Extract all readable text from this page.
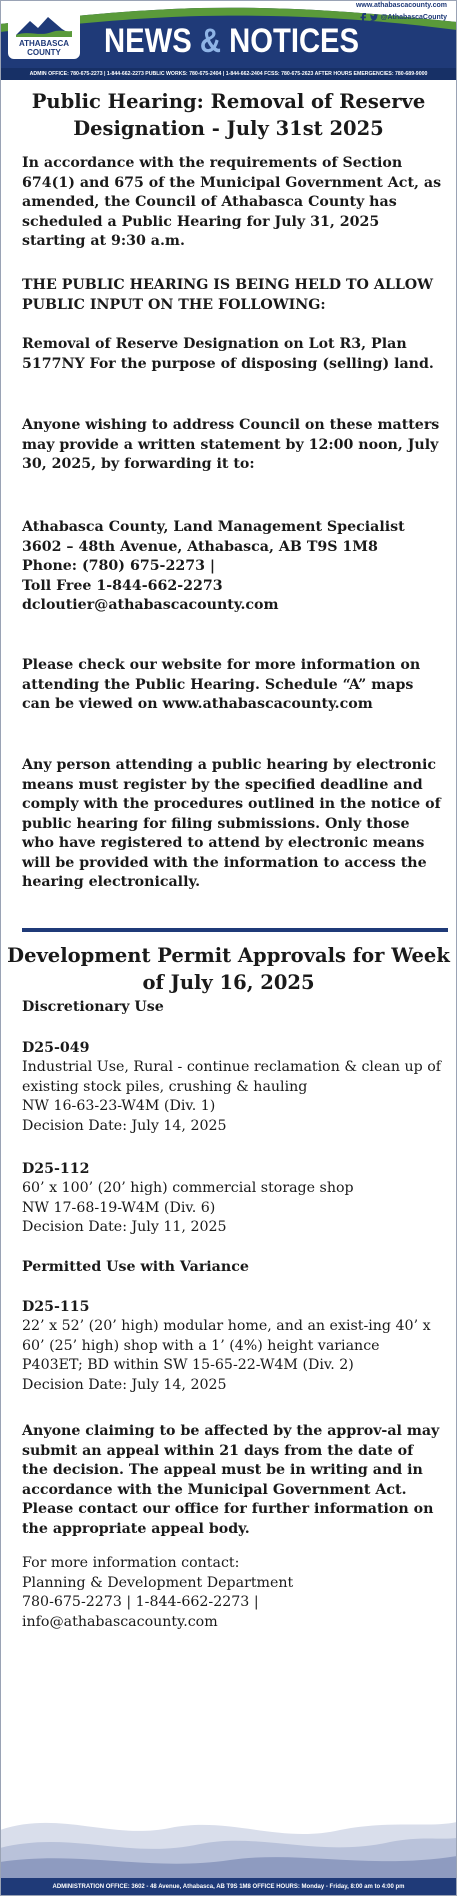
ATHABASCA
COUNTY	NEWS & NOTICES
www.athabascacounty.com
@AthabascaCounty
ADMIN OFFICE: 780-675-2273 | 1-844-662-2273 PUBLIC WORKS: 780-675-2404 | 1-844-662-2404 FCSS: 780-675-2623 AFTER HOURS EMERGENCIES: 780-689-9000
Public Hearing: Removal of Reserve Designation - July 31st 2025

In accordance with the requirements of Section 674(1) and 675 of the Municipal Government Act, as amended, the Council of Athabasca County has scheduled a Public Hearing for July 31, 2025 starting at 9:30 a.m.

THE PUBLIC HEARING IS BEING HELD TO ALLOW PUBLIC INPUT ON THE FOLLOWING:

Removal of Reserve Designation on Lot R3, Plan 5177NY For the purpose of disposing (selling) land.

Anyone wishing to address Council on these matters may provide a written statement by 12:00 noon, July 30, 2025, by forwarding it to:

Athabasca County, Land Management Specialist
3602 – 48th Avenue, Athabasca, AB T9S 1M8
Phone: (780) 675-2273 |
Toll Free 1-844-662-2273
dcloutier@athabascacounty.com

Please check our website for more information on attending the Public Hearing. Schedule “A” maps can be viewed on www.athabascacounty.com

Any person attending a public hearing by electronic means must register by the specified deadline and comply with the procedures outlined in the notice of public hearing for filing submissions. Only those who have registered to attend by electronic means will be provided with the information to access the hearing electronically.

Development Permit Approvals for Week of July 16, 2025

Discretionary Use

D25-049

Industrial Use, Rural - continue reclamation & clean up of existing stock piles, crushing & hauling
NW 16-63-23-W4M (Div. 1)
Decision Date: July 14, 2025

D25-112

60’ x 100’ (20’ high) commercial storage shop
NW 17-68-19-W4M (Div. 6)
Decision Date: July 11, 2025

Permitted Use with Variance

D25-115

22’ x 52’ (20’ high) modular home, and an exist-ing 40’ x 60’ (25’ high) shop with a 1’ (4%) height variance
P403ET; BD within SW 15-65-22-W4M (Div. 2)
Decision Date: July 14, 2025

Anyone claiming to be affected by the approv-al may submit an appeal within 21 days from the date of the decision. The appeal must be in writing and in accordance with the Municipal Government Act. Please contact our office for further information on the appropriate appeal body.

For more information contact:
Planning & Development Department
780-675-2273 | 1-844-662-2273 |
info@athabascacounty.com

ADMINISTRATION OFFICE: 3602 - 48 Avenue, Athabasca, AB T9S 1M8 OFFICE HOURS: Monday - Friday, 8:00 am to 4:00 pm
